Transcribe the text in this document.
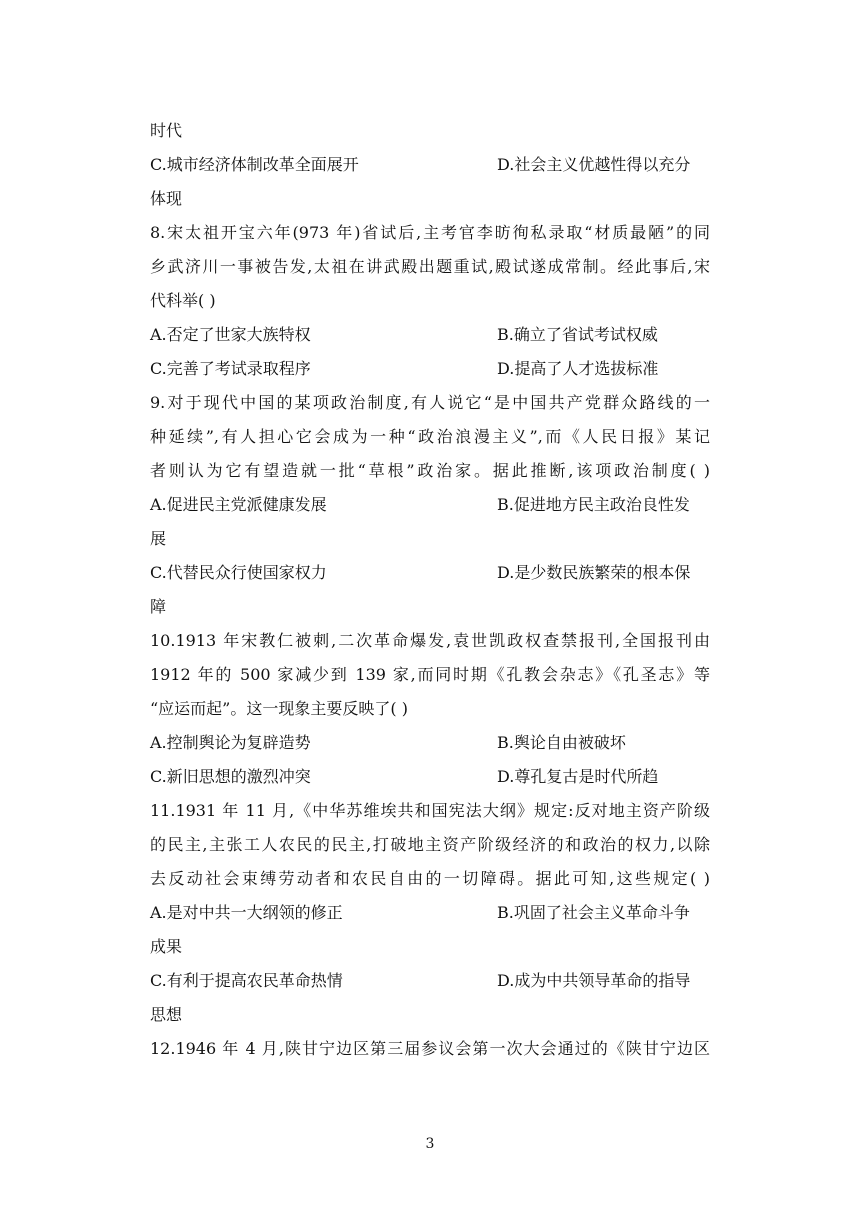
时代
C.城市经济体制改革全面展开	D.社会主义优越性得以充分
体现
8.宋太祖开宝六年(973 年)省试后,主考官李昉徇私录取“材质最陋”的同
乡武济川一事被告发,太祖在讲武殿出题重试,殿试遂成常制。经此事后,宋
代科举( )
A.否定了世家大族特权	B.确立了省试考试权威
C.完善了考试录取程序	D.提高了人才选拔标准
9.对于现代中国的某项政治制度,有人说它“是中国共产党群众路线的一
种延续”,有人担心它会成为一种“政治浪漫主义”,而《人民日报》某记
者则认为它有望造就一批“草根”政治家。据此推断,该项政治制度( )
A.促进民主党派健康发展	B.促进地方民主政治良性发
展
C.代替民众行使国家权力	D.是少数民族繁荣的根本保
障
10.1913 年宋教仁被刺,二次革命爆发,袁世凯政权查禁报刊,全国报刊由
1912 年的 500 家减少到 139 家,而同时期《孔教会杂志》《孔圣志》等
“应运而起”。这一现象主要反映了( )
A.控制舆论为复辟造势	B.舆论自由被破坏
C.新旧思想的激烈冲突	D.尊孔复古是时代所趋
11.1931 年 11 月,《中华苏维埃共和国宪法大纲》规定:反对地主资产阶级
的民主,主张工人农民的民主,打破地主资产阶级经济的和政治的权力,以除
去反动社会束缚劳动者和农民自由的一切障碍。据此可知,这些规定( )
A.是对中共一大纲领的修正	B.巩固了社会主义革命斗争
成果
C.有利于提高农民革命热情	D.成为中共领导革命的指导
思想
12.1946 年 4 月,陕甘宁边区第三届参议会第一次大会通过的《陕甘宁边区
3
